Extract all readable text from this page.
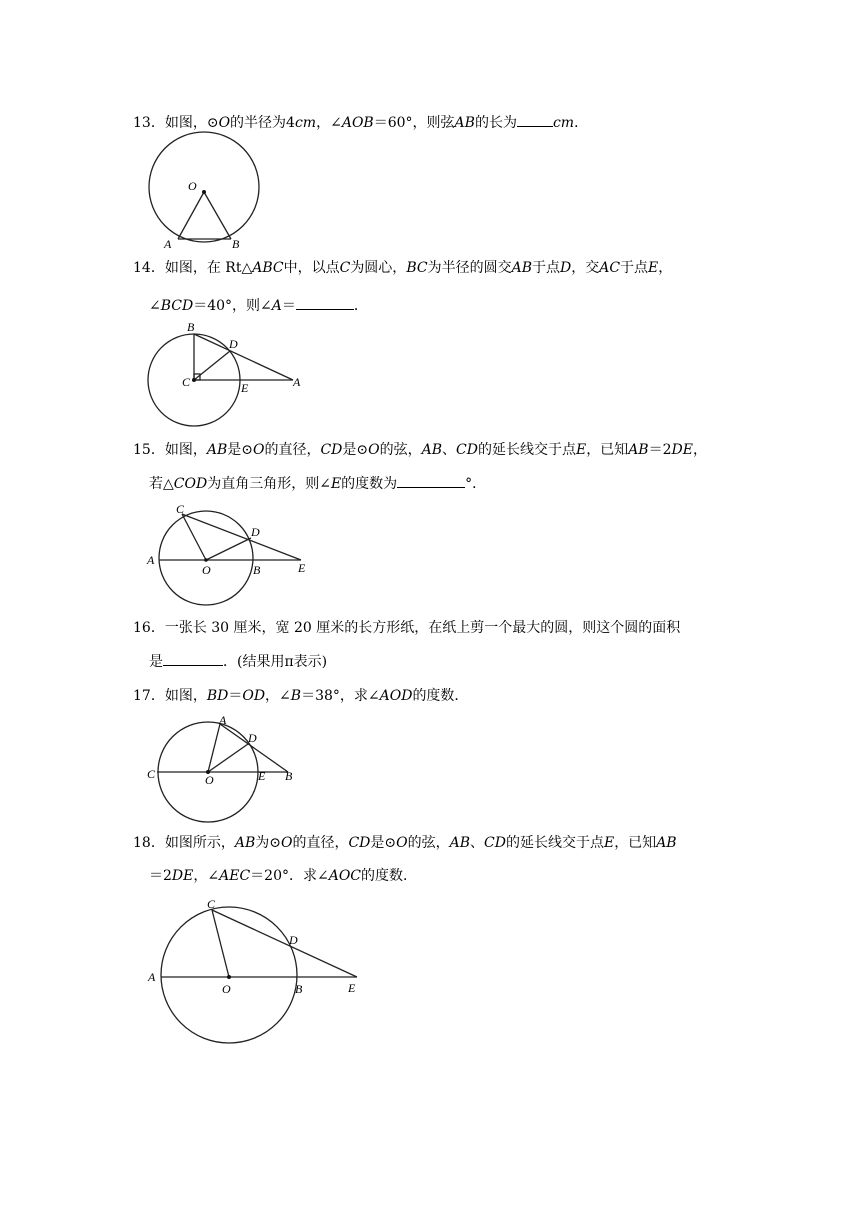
13．如图，⊙O的半径为4cm，∠AOB＝60°，则弦AB的长为	cm．
O
A	B
14．如图，在 Rt△ABC中，以点C为圆心，BC为半径的圆交AB于点D，交AC于点E，
∠BCD＝40°，则∠A＝	．
B
D
C	E	A
15．如图，AB是⊙O的直径，CD是⊙O的弦，AB、CD的延长线交于点E，已知AB＝2DE，
若△COD为直角三角形，则∠E的度数为	°．
C
D
A
O	B	E
16．一张长 30 厘米，宽 20 厘米的长方形纸，在纸上剪一个最大的圆，则这个圆的面积
是	．(结果用π表示)
17．如图，BD＝OD，∠B＝38°，求∠AOD的度数．
A
D
C	O	E B
18．如图所示，AB为⊙O的直径，CD是⊙O的弦，AB、CD的延长线交于点E，已知AB
＝2DE，∠AEC＝20°．求∠AOC的度数．
C
D
A
O	B	E
